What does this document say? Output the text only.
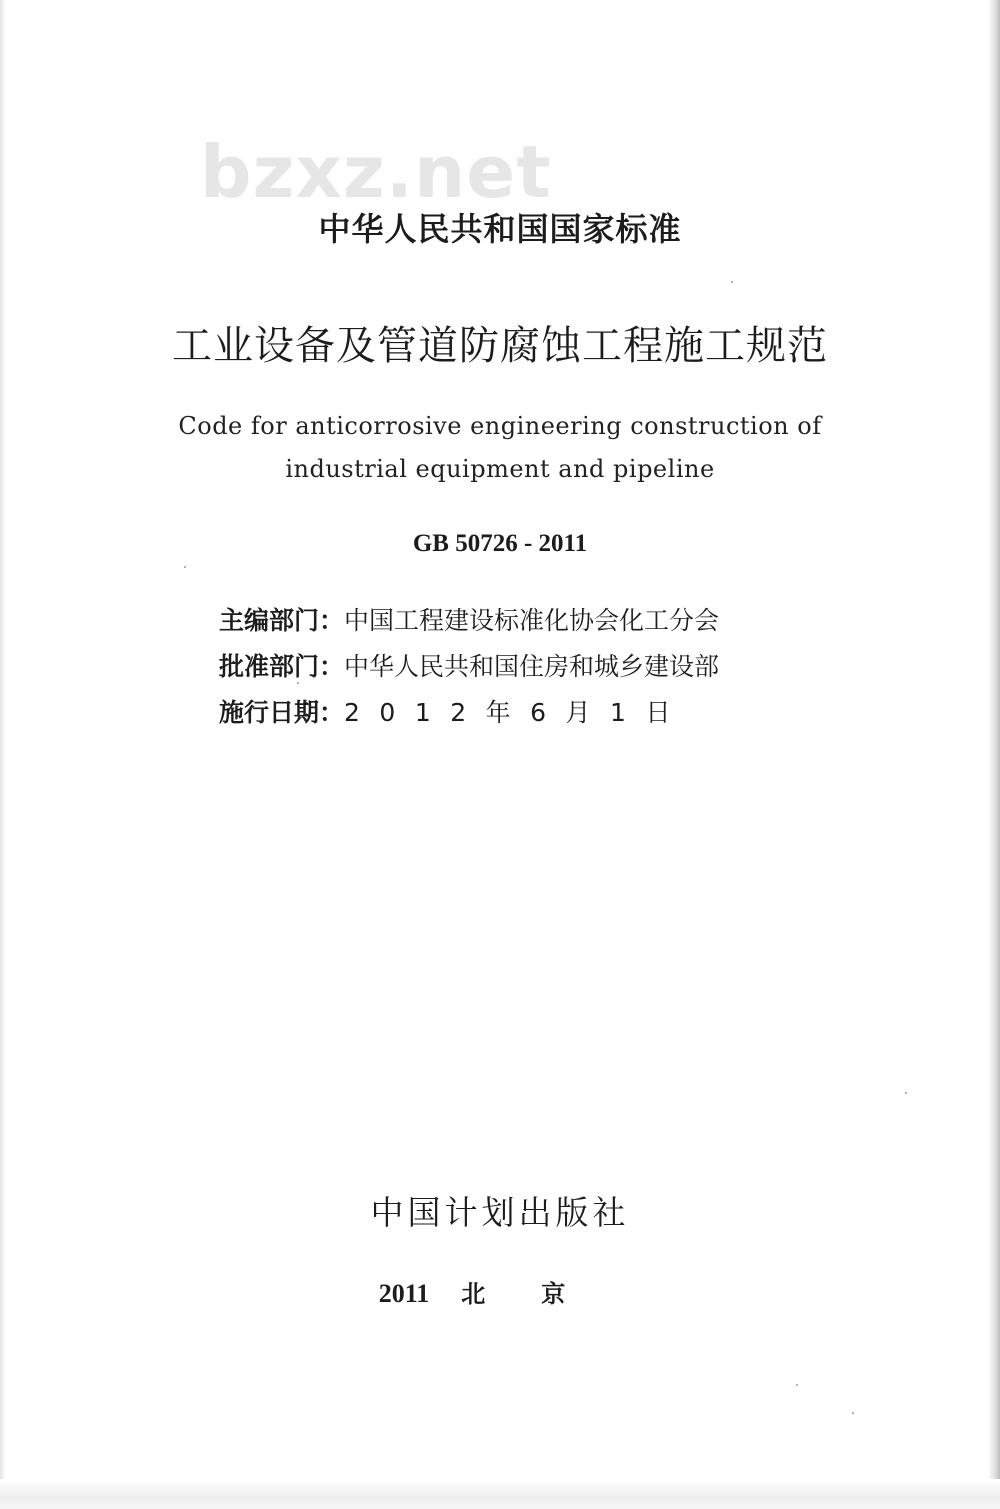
bzxz.net
中华人民共和国国家标准
工业设备及管道防腐蚀工程施工规范
Code for anticorrosive engineering construction of
industrial equipment and pipeline
GB 50726 - 2011
主编部门：中国工程建设标准化协会化工分会
批准部门：中华人民共和国住房和城乡建设部
施行日期：2012年6月1日
中国计划出版社
2011 北京
